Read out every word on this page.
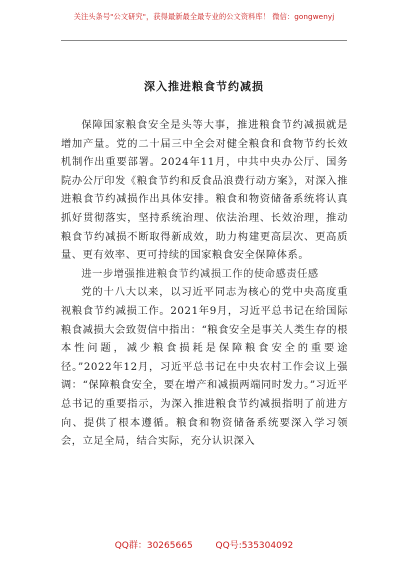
关注头条号"公文研究"，获得最新最全最专业的公文资料库！ 微信：gongwenyj
深入推进粮食节约减损

保障国家粮食安全是头等大事，推进粮食节约减损就是增加产量。党的二十届三中全会对健全粮食和食物节约长效机制作出重要部署。2024年11月，中共中央办公厅、国务院办公厅印发《粮食节约和反食品浪费行动方案》，对深入推进粮食节约减损作出具体安排。粮食和物资储备系统将认真抓好贯彻落实，坚持系统治理、依法治理、长效治理，推动粮食节约减损不断取得新成效，助力构建更高层次、更高质量、更有效率、更可持续的国家粮食安全保障体系。

进一步增强推进粮食节约减损工作的使命感责任感

党的十八大以来，以习近平同志为核心的党中央高度重视粮食节约减损工作。2021年9月，习近平总书记在给国际粮食减损大会致贺信中指出：“粮食安全是事关人类生存的根本性问题，减少粮食损耗是保障粮食安全的重要途径。”2022年12月，习近平总书记在中央农村工作会议上强调：“保障粮食安全，要在增产和减损两端同时发力。”习近平总书记的重要指示，为深入推进粮食节约减损指明了前进方向、提供了根本遵循。粮食和物资储备系统要深入学习领会，立足全局，结合实际，充分认识深入

QQ群：30265665	QQ号:535304092
